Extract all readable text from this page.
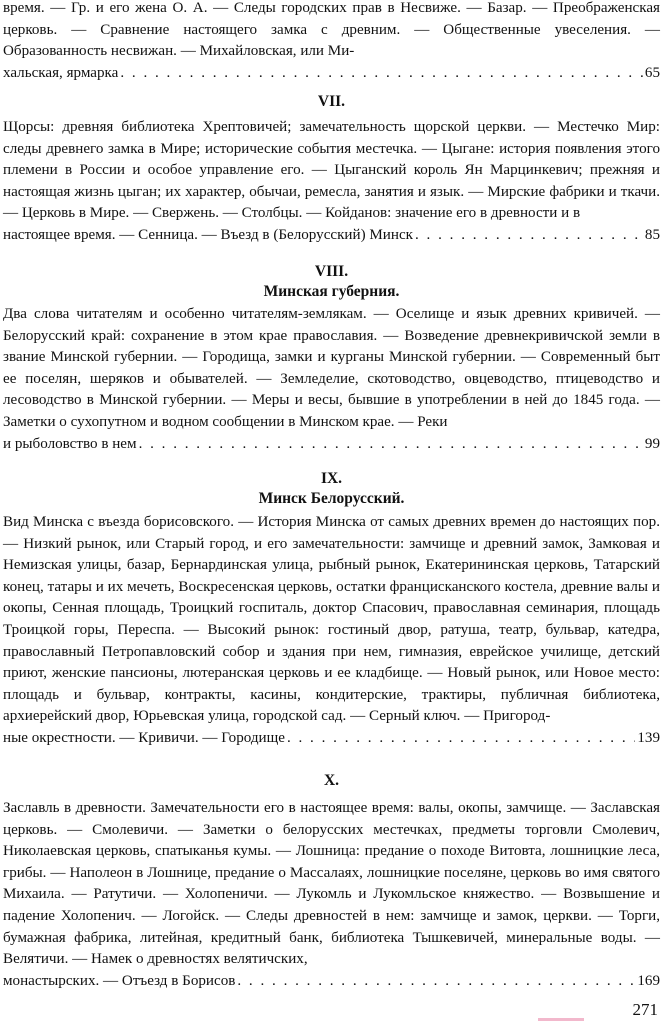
время. — Гр. и его жена О. А. — Следы городских прав в Несвиже. — Базар. — Преображенская церковь. — Сравнение настоящего замка с древним. — Общественные увеселения. — Образованность несвижан. — Михайловская, или Ми-

хальская, ярмарка . . .	65

VII.

Щорсы: древняя библиотека Хрептовичей; замечательность щорской церкви. — Местечко Мир: следы древнего замка в Мире; исторические события местечка. — Цыгане: история появления этого племени в России и особое управление его. — Цыганский король Ян Марцинкевич; прежняя и настоящая жизнь цыган; их характер, обычаи, ремесла, занятия и язык. — Мирские фабрики и ткачи. — Церковь в Мире. — Свержень. — Столбцы. — Койданов: значение его в древности и в

настоящее время. — Сенница. — Въезд в (Белорусский) Минск . . .	85

VIII.

Минская губерния.

Два слова читателям и особенно читателям-землякам. — Оселище и язык древних кривичей. — Белорусский край: сохранение в этом крае православия. — Возведение древнекривичской земли в звание Минской губернии. — Городища, замки и курганы Минской губернии. — Современный быт ее поселян, шеряков и обывателей. — Земледелие, скотоводство, овцеводство, птицеводство и лесоводство в Минской губернии. — Меры и весы, бывшие в употреблении в ней до 1845 года. — Заметки о сухопутном и водном сообщении в Минском крае. — Реки

и рыболовство в нем . . .	99

IX.

Минск Белорусский.

Вид Минска с въезда борисовского. — История Минска от самых древних времен до настоящих пор. — Низкий рынок, или Старый город, и его замечательности: замчище и древний замок, Замковая и Немизская улицы, базар, Бернардинская улица, рыбный рынок, Екатерининская церковь, Татарский конец, татары и их мечеть, Воскресенская церковь, остатки францисканского костела, древние валы и окопы, Сенная площадь, Троицкий госпиталь, доктор Спасович, православная семинария, площадь Троицкой горы, Переспа. — Высокий рынок: гостиный двор, ратуша, театр, бульвар, катедра, православный Петропавловский собор и здания при нем, гимназия, еврейское училище, детский приют, женские пансионы, лютеранская церковь и ее кладбище. — Новый рынок, или Новое место: площадь и бульвар, контракты, касины, кондитерские, трактиры, публичная библиотека, архиерейский двор, Юрьевская улица, городской сад. — Серный ключ. — Пригород-

ные окрестности. — Кривичи. — Городище . . .	139

X.

Заславль в древности. Замечательности его в настоящее время: валы, окопы, замчище. — Заславская церковь. — Смолевичи. — Заметки о белорусских местечках, предметы торговли Смолевич, Николаевская церковь, спатыканья кумы. — Лошница: предание о походе Витовта, лошницкие леса, грибы. — Наполеон в Лошнице, предание о Массалаях, лошницкие поселяне, церковь во имя святого Михаила. — Ратутичи. — Холопеничи. — Лукомль и Лукомльское княжество. — Возвышение и падение Холопенич. — Логойск. — Следы древностей в нем: замчище и замок, церкви. — Торги, бумажная фабрика, литейная, кредитный банк, библиотека Тышкевичей, минеральные воды. — Велятичи. — Намек о древностях велятичских,

монастырских. — Отъезд в Борисов . . .	169
271
